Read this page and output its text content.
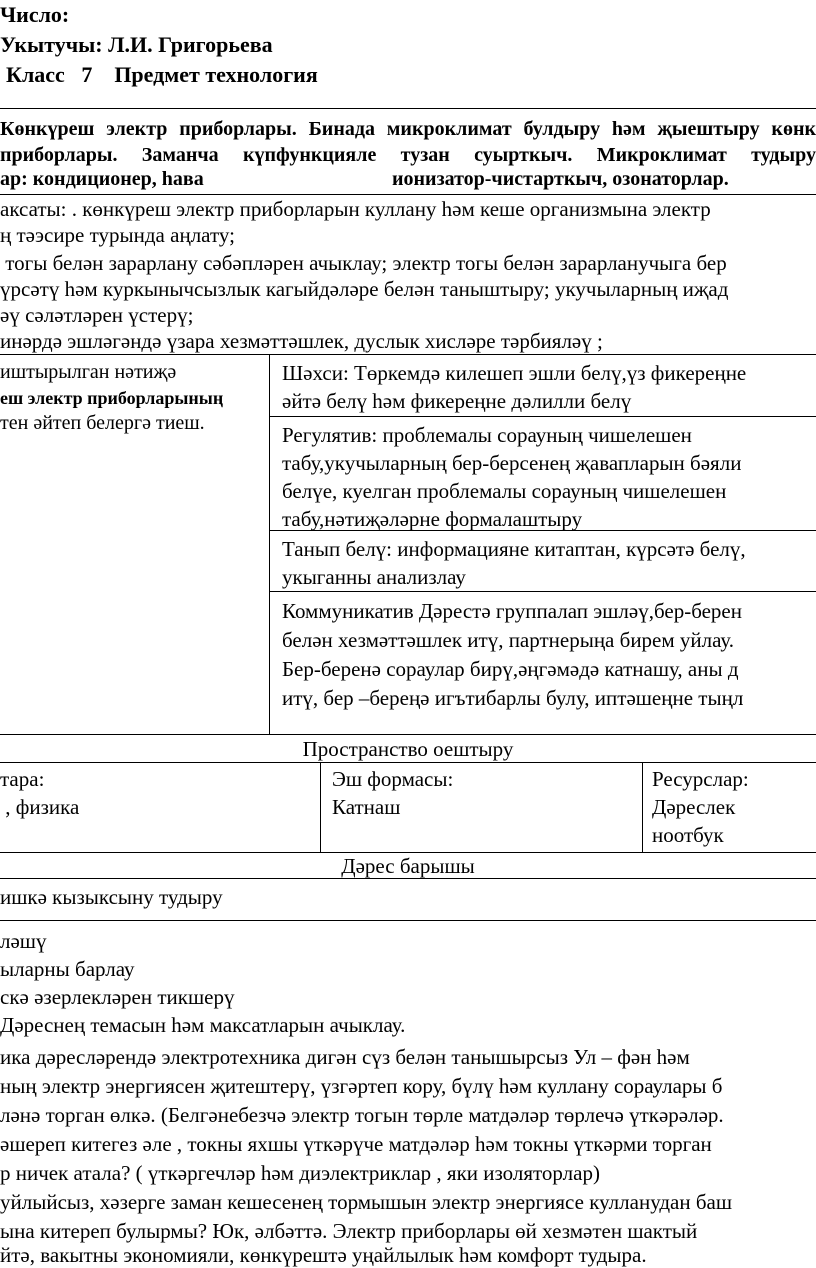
Число:
Укытучы: Л.И. Григорьева
Класс   7    Предмет технология
Көнкүреш электр приборлары. Бинада микроклимат булдыру һәм җыештыру көнк
приборлары. Заманча күпфункцияле тузан суырткыч. Микроклимат тудыру
ар: кондиционер, һава	ионизатор-чистарткыч, озонаторлар.
аксаты: . көнкүреш электр приборларын куллану һәм кеше организмына электр
ң тәэсире турында аңлату;
тогы белән зарарлану сәбәпләрен ачыклау; электр тогы белән зарарланучыга бер
үрсәтү һәм куркынычсызлык кагыйдәләре белән таныштыру; укучыларның иҗад
әү сәләтләрен үстерү;
инәрдә эшләгәндә үзара хезмәттәшлек, дуслык хисләре тәрбияләү ;
иштырылган нәтиҗә
еш электр приборларының
тен әйтеп белергә тиеш.
Шәхси: Төркемдә килешеп эшли белү,үз фикереңне
әйтә белү һәм фикереңне дәлилли белү
Регулятив: проблемалы сорауның чишелешен
табу,укучыларның бер-берсенең җавапларын бәяли
белүе, куелган проблемалы сорауның чишелешен
табу,нәтиҗәләрне формалаштыру
Танып белү: информацияне китаптан, күрсәтә белү,
укыганны анализлау
Коммуникатив Дәрестә группалап эшләү,бер-берен
белән хезмәттәшлек итү, партнерыңа бирем уйлау.
Бер-беренә сораулар бирү,әңгәмәдә катнашу, аны д
итү, бер –береңә игътибарлы булу, иптәшеңне тыңл
Пространство оештыру
тара:
, физика
Эш формасы:
Катнаш
Ресурслар:
Дәреслек
ноотбук
Дәрес барышы
ишкә кызыксыну тудыру
ләшү
ыларны барлау
скә әзерлекләрен тикшерү
Дәреснең темасын һәм максатларын ачыклау.
ика дәресләрендә электротехника дигән сүз белән танышырсыз Ул – фән һәм
ның электр энергиясен җитештерү, үзгәртеп кору, бүлү һәм куллану сораулары б
ләнә торган өлкә. (Белгәнебезчә электр тогын төрле матдәләр төрлечә үткәрәләр.
әшереп китегез әле , токны яхшы үткәрүче матдәләр һәм токны үткәрми торган
р ничек атала? ( үткәргечләр һәм диэлектриклар , яки изоляторлар)
уйлыйсыз, хәзерге заман кешесенең тормышын электр энергиясе кулланудан баш
ына китереп булырмы? Юк, әлбәттә. Электр приборлары өй хезмәтен шактый
йтә, вакытны экономияли, көнкүрештә уңайлылык һәм комфорт тудыра.
